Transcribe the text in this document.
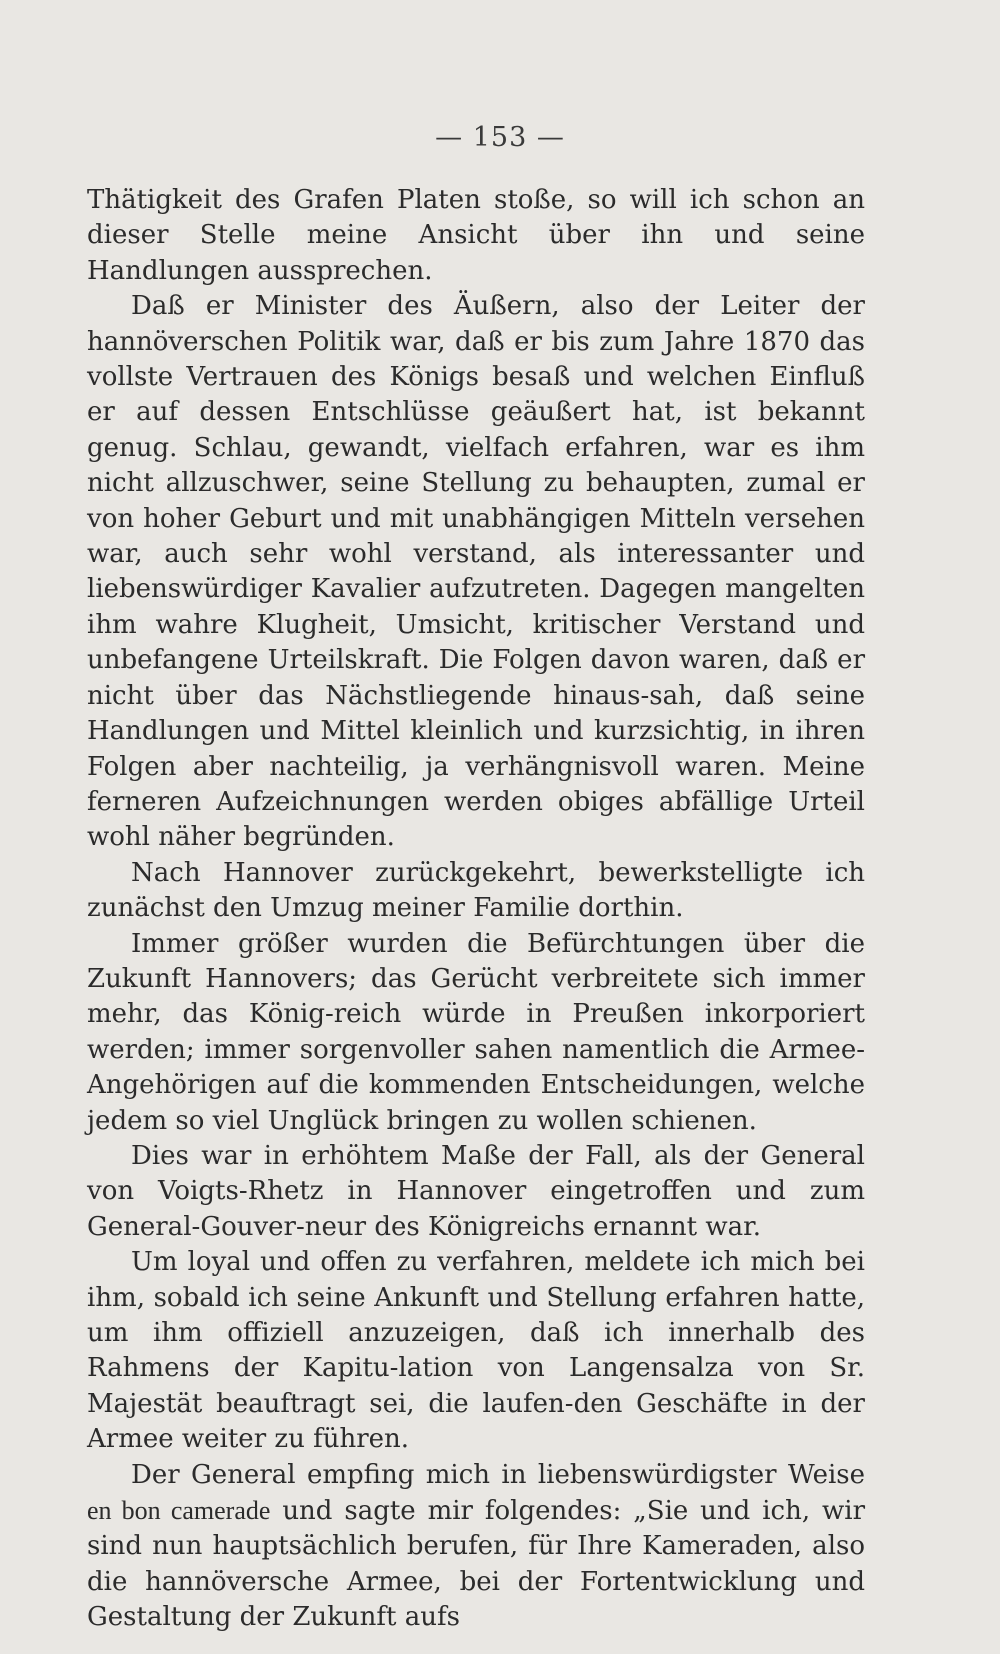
— 153 —

Thätigkeit des Grafen Platen stoße, so will ich schon an dieser Stelle meine Ansicht über ihn und seine Handlungen aussprechen.

Daß er Minister des Äußern, also der Leiter der hannöverschen Politik war, daß er bis zum Jahre 1870 das vollste Vertrauen des Königs besaß und welchen Einfluß er auf dessen Entschlüsse geäußert hat, ist bekannt genug. Schlau, gewandt, vielfach erfahren, war es ihm nicht allzuschwer, seine Stellung zu behaupten, zumal er von hoher Geburt und mit unabhängigen Mitteln versehen war, auch sehr wohl verstand, als interessanter und liebenswürdiger Kavalier aufzutreten. Dagegen mangelten ihm wahre Klugheit, Umsicht, kritischer Verstand und unbefangene Urteilskraft. Die Folgen davon waren, daß er nicht über das Nächstliegende hinaus-sah, daß seine Handlungen und Mittel kleinlich und kurzsichtig, in ihren Folgen aber nachteilig, ja verhängnisvoll waren. Meine ferneren Aufzeichnungen werden obiges abfällige Urteil wohl näher begründen.

Nach Hannover zurückgekehrt, bewerkstelligte ich zunächst den Umzug meiner Familie dorthin.

Immer größer wurden die Befürchtungen über die Zukunft Hannovers; das Gerücht verbreitete sich immer mehr, das König-reich würde in Preußen inkorporiert werden; immer sorgenvoller sahen namentlich die Armee-Angehörigen auf die kommenden Entscheidungen, welche jedem so viel Unglück bringen zu wollen schienen.

Dies war in erhöhtem Maße der Fall, als der General von Voigts-Rhetz in Hannover eingetroffen und zum General-Gouver-neur des Königreichs ernannt war.

Um loyal und offen zu verfahren, meldete ich mich bei ihm, sobald ich seine Ankunft und Stellung erfahren hatte, um ihm offiziell anzuzeigen, daß ich innerhalb des Rahmens der Kapitu-lation von Langensalza von Sr. Majestät beauftragt sei, die laufen-den Geschäfte in der Armee weiter zu führen.

Der General empfing mich in liebenswürdigster Weise en bon camerade und sagte mir folgendes: „Sie und ich, wir sind nun hauptsächlich berufen, für Ihre Kameraden, also die hannöversche Armee, bei der Fortentwicklung und Gestaltung der Zukunft aufs
